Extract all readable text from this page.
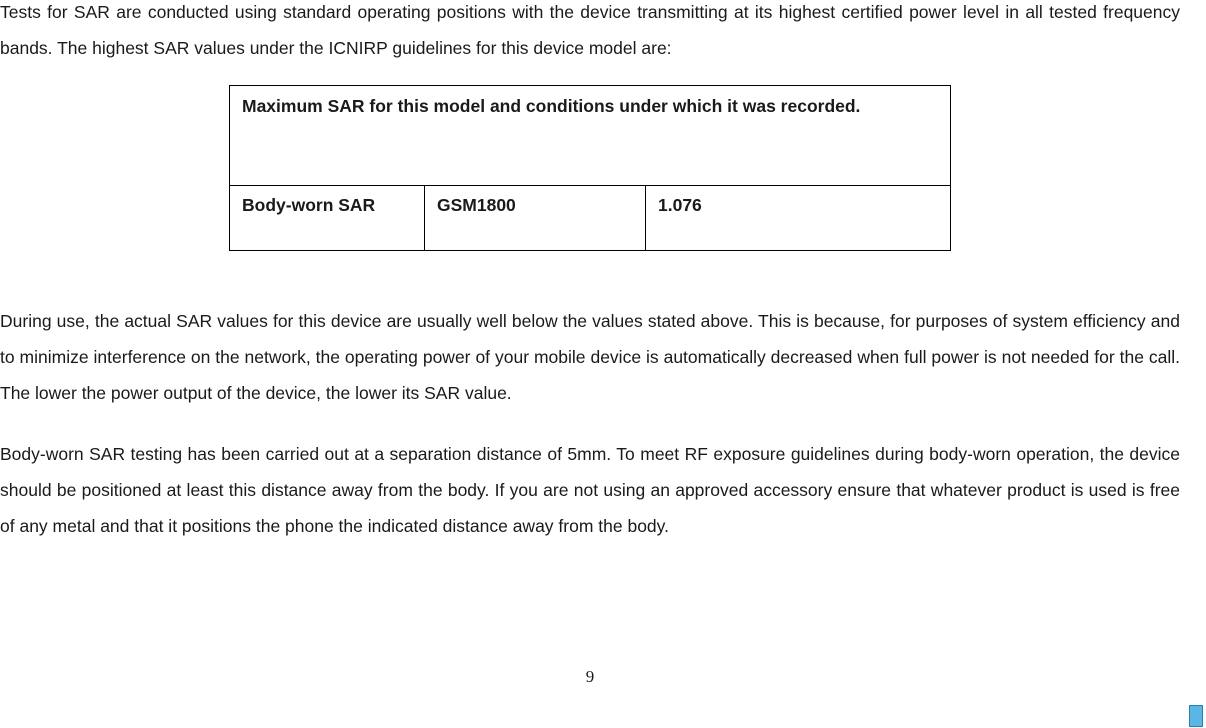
Tests for SAR are conducted using standard operating positions with the device transmitting at its highest certified power level in all tested frequency bands. The highest SAR values under the ICNIRP guidelines for this device model are:

Maximum SAR for this model and conditions under which it was recorded.
Body-worn SAR	GSM1800	1.076

During use, the actual SAR values for this device are usually well below the values stated above. This is because, for purposes of system efficiency and to minimize interference on the network, the operating power of your mobile device is automatically decreased when full power is not needed for the call. The lower the power output of the device, the lower its SAR value.

Body-worn SAR testing has been carried out at a separation distance of 5mm. To meet RF exposure guidelines during body-worn operation, the device should be positioned at least this distance away from the body. If you are not using an approved accessory ensure that whatever product is used is free of any metal and that it positions the phone the indicated distance away from the body.

9
